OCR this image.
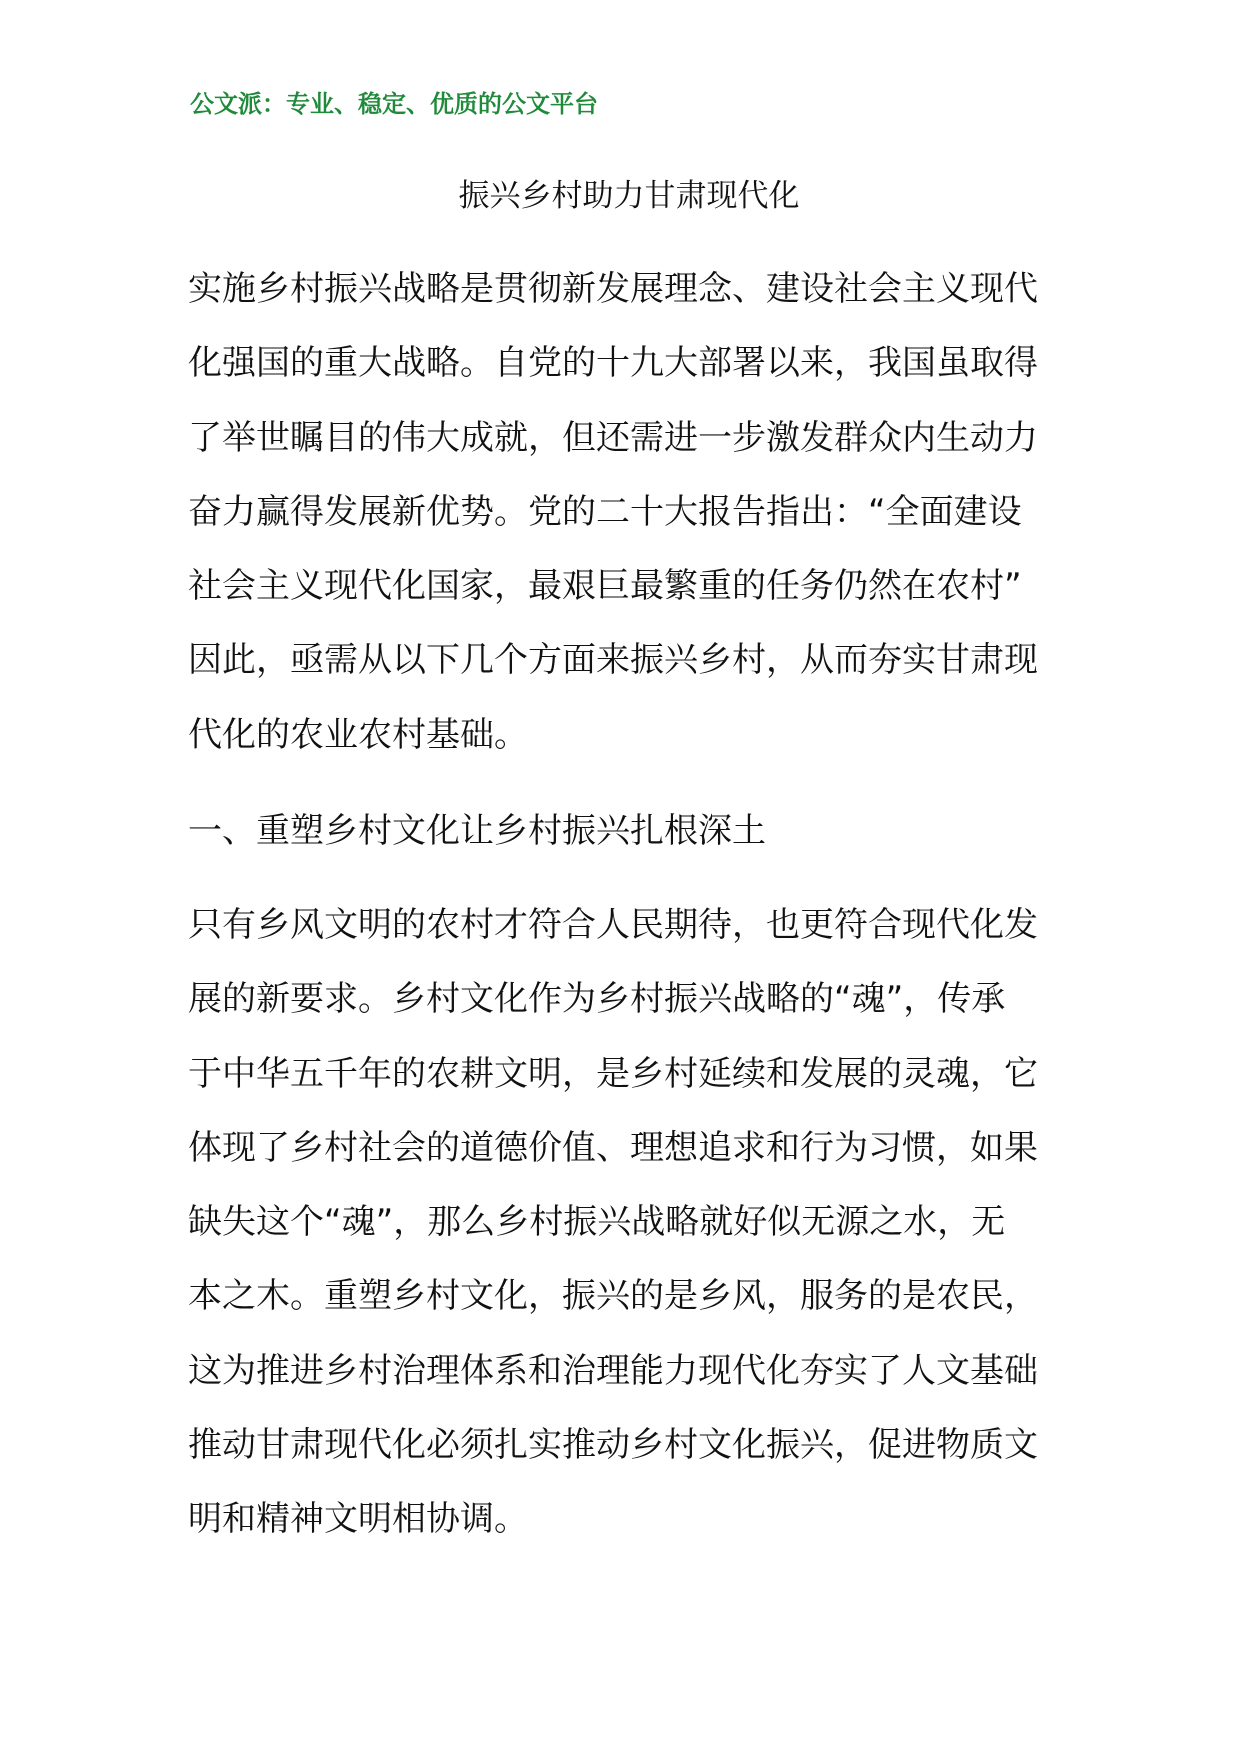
公文派：专业、稳定、优质的公文平台
振兴乡村助力甘肃现代化
实施乡村振兴战略是贯彻新发展理念、建设社会主义现代
化强国的重大战略。自党的十九大部署以来，我国虽取得
了举世瞩目的伟大成就，但还需进一步激发群众内生动力
奋力赢得发展新优势。党的二十大报告指出：“全面建设
社会主义现代化国家，最艰巨最繁重的任务仍然在农村”
因此，亟需从以下几个方面来振兴乡村，从而夯实甘肃现
代化的农业农村基础。
一、重塑乡村文化让乡村振兴扎根深土
只有乡风文明的农村才符合人民期待，也更符合现代化发
展的新要求。乡村文化作为乡村振兴战略的“魂”，传承
于中华五千年的农耕文明，是乡村延续和发展的灵魂，它
体现了乡村社会的道德价值、理想追求和行为习惯，如果
缺失这个“魂”，那么乡村振兴战略就好似无源之水，无
本之木。重塑乡村文化，振兴的是乡风，服务的是农民，
这为推进乡村治理体系和治理能力现代化夯实了人文基础
推动甘肃现代化必须扎实推动乡村文化振兴，促进物质文
明和精神文明相协调。
